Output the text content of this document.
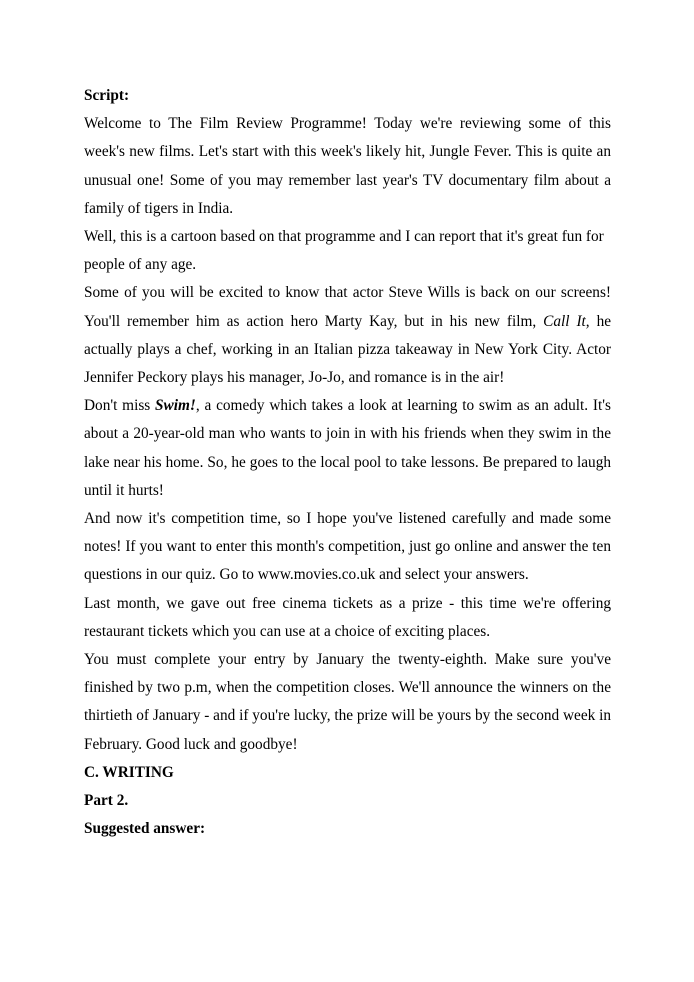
Script:

Welcome to The Film Review Programme! Today we're reviewing some of this week's new films. Let's start with this week's likely hit, Jungle Fever. This is quite an unusual one! Some of you may remember last year's TV documentary film about a family of tigers in India.

Well, this is a cartoon based on that programme and I can report that it's great fun for people of any age.

Some of you will be excited to know that actor Steve Wills is back on our screens! You'll remember him as action hero Marty Kay, but in his new film, Call It, he actually plays a chef, working in an Italian pizza takeaway in New York City. Actor Jennifer Peckory plays his manager, Jo-Jo, and romance is in the air!

Don't miss Swim!, a comedy which takes a look at learning to swim as an adult. It's about a 20-year-old man who wants to join in with his friends when they swim in the lake near his home. So, he goes to the local pool to take lessons. Be prepared to laugh until it hurts!

And now it's competition time, so I hope you've listened carefully and made some notes! If you want to enter this month's competition, just go online and answer the ten questions in our quiz. Go to www.movies.co.uk and select your answers.

Last month, we gave out free cinema tickets as a prize - this time we're offering restaurant tickets which you can use at a choice of exciting places.

You must complete your entry by January the twenty-eighth. Make sure you've finished by two p.m, when the competition closes. We'll announce the winners on the thirtieth of January - and if you're lucky, the prize will be yours by the second week in February. Good luck and goodbye!

C. WRITING

Part 2.

Suggested answer:
